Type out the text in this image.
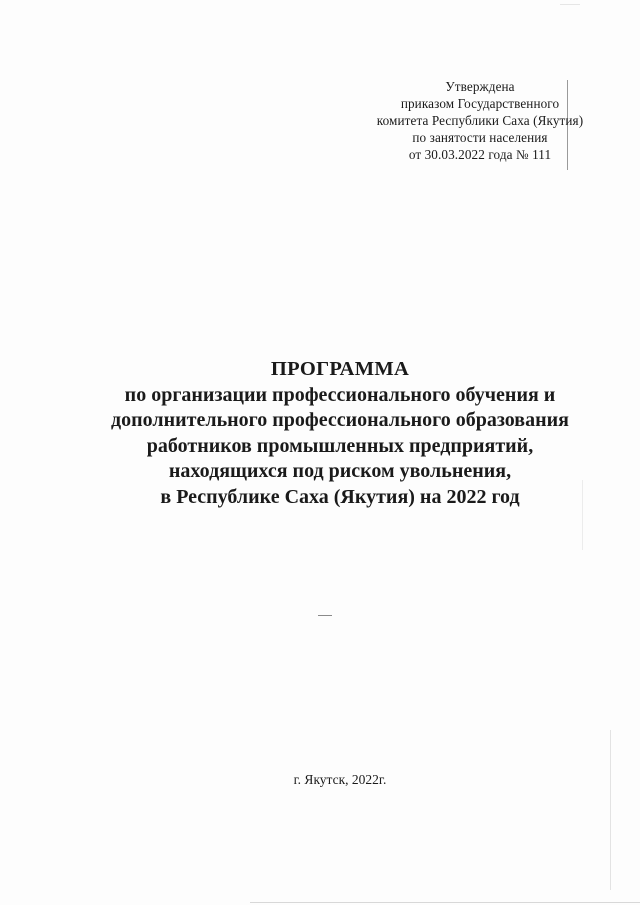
Утверждена
приказом Государственного
комитета Республики Саха (Якутия)
по занятости населения
от 30.03.2022 года № 111
ПРОГРАММА
по организации профессионального обучения и
дополнительного профессионального образования
работников промышленных предприятий,
находящихся под риском увольнения,
в Республике Саха (Якутия) на 2022 год
г. Якутск, 2022г.
